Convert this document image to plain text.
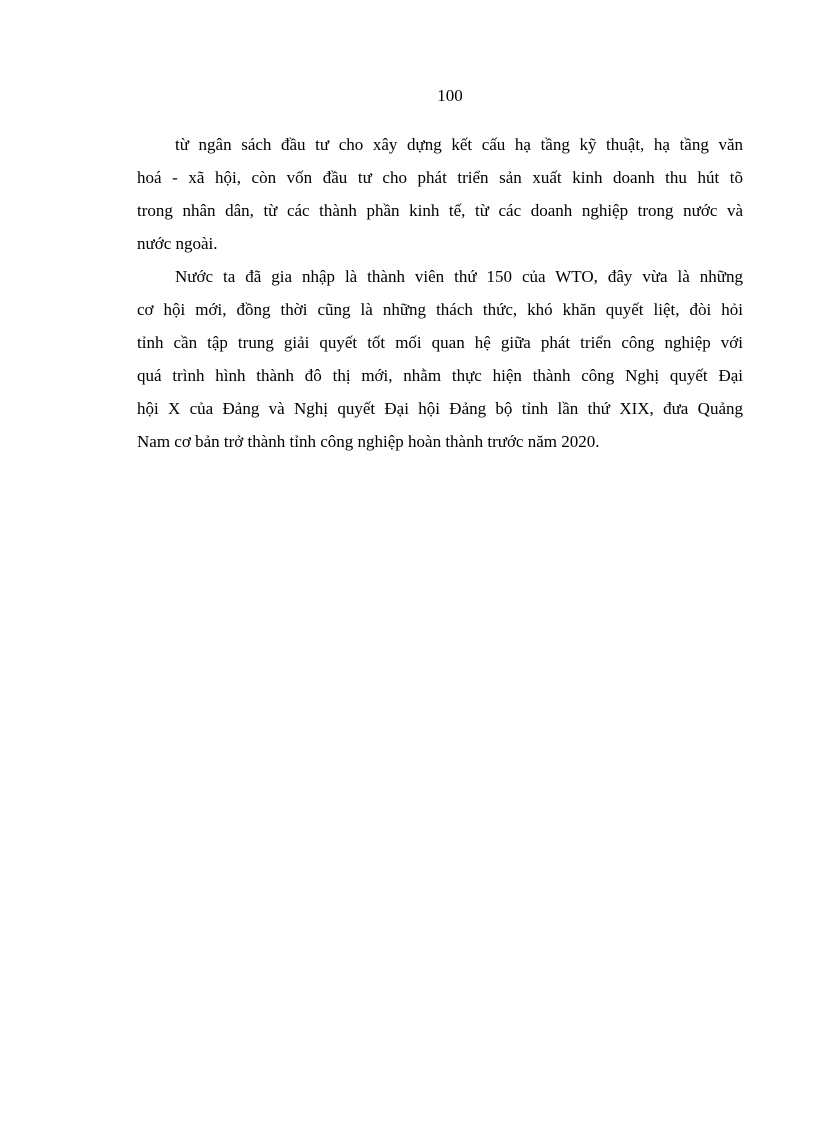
100

từ ngân sách đầu tư cho xây dựng kết cấu hạ tầng kỹ thuật, hạ tầng văn
hoá - xã hội, còn vốn đầu tư cho phát triển sản xuất kinh doanh thu hút tõ
trong nhân dân, từ các thành phần kinh tế, từ các doanh nghiệp trong nước và
nước ngoài.

Nước ta đã gia nhập là thành viên thứ 150 của WTO, đây vừa là những
cơ hội mới, đồng thời cũng là những thách thức, khó khăn quyết liệt, đòi hỏi
tỉnh cần tập trung giải quyết tốt mối quan hệ giữa phát triển công nghiệp với
quá trình hình thành đô thị mới, nhằm thực hiện thành công Nghị quyết Đại
hội X của Đảng và Nghị quyết Đại hội Đảng bộ tỉnh lần thứ XIX, đưa Quảng
Nam cơ bản trở thành tỉnh công nghiệp hoàn thành trước năm 2020.
